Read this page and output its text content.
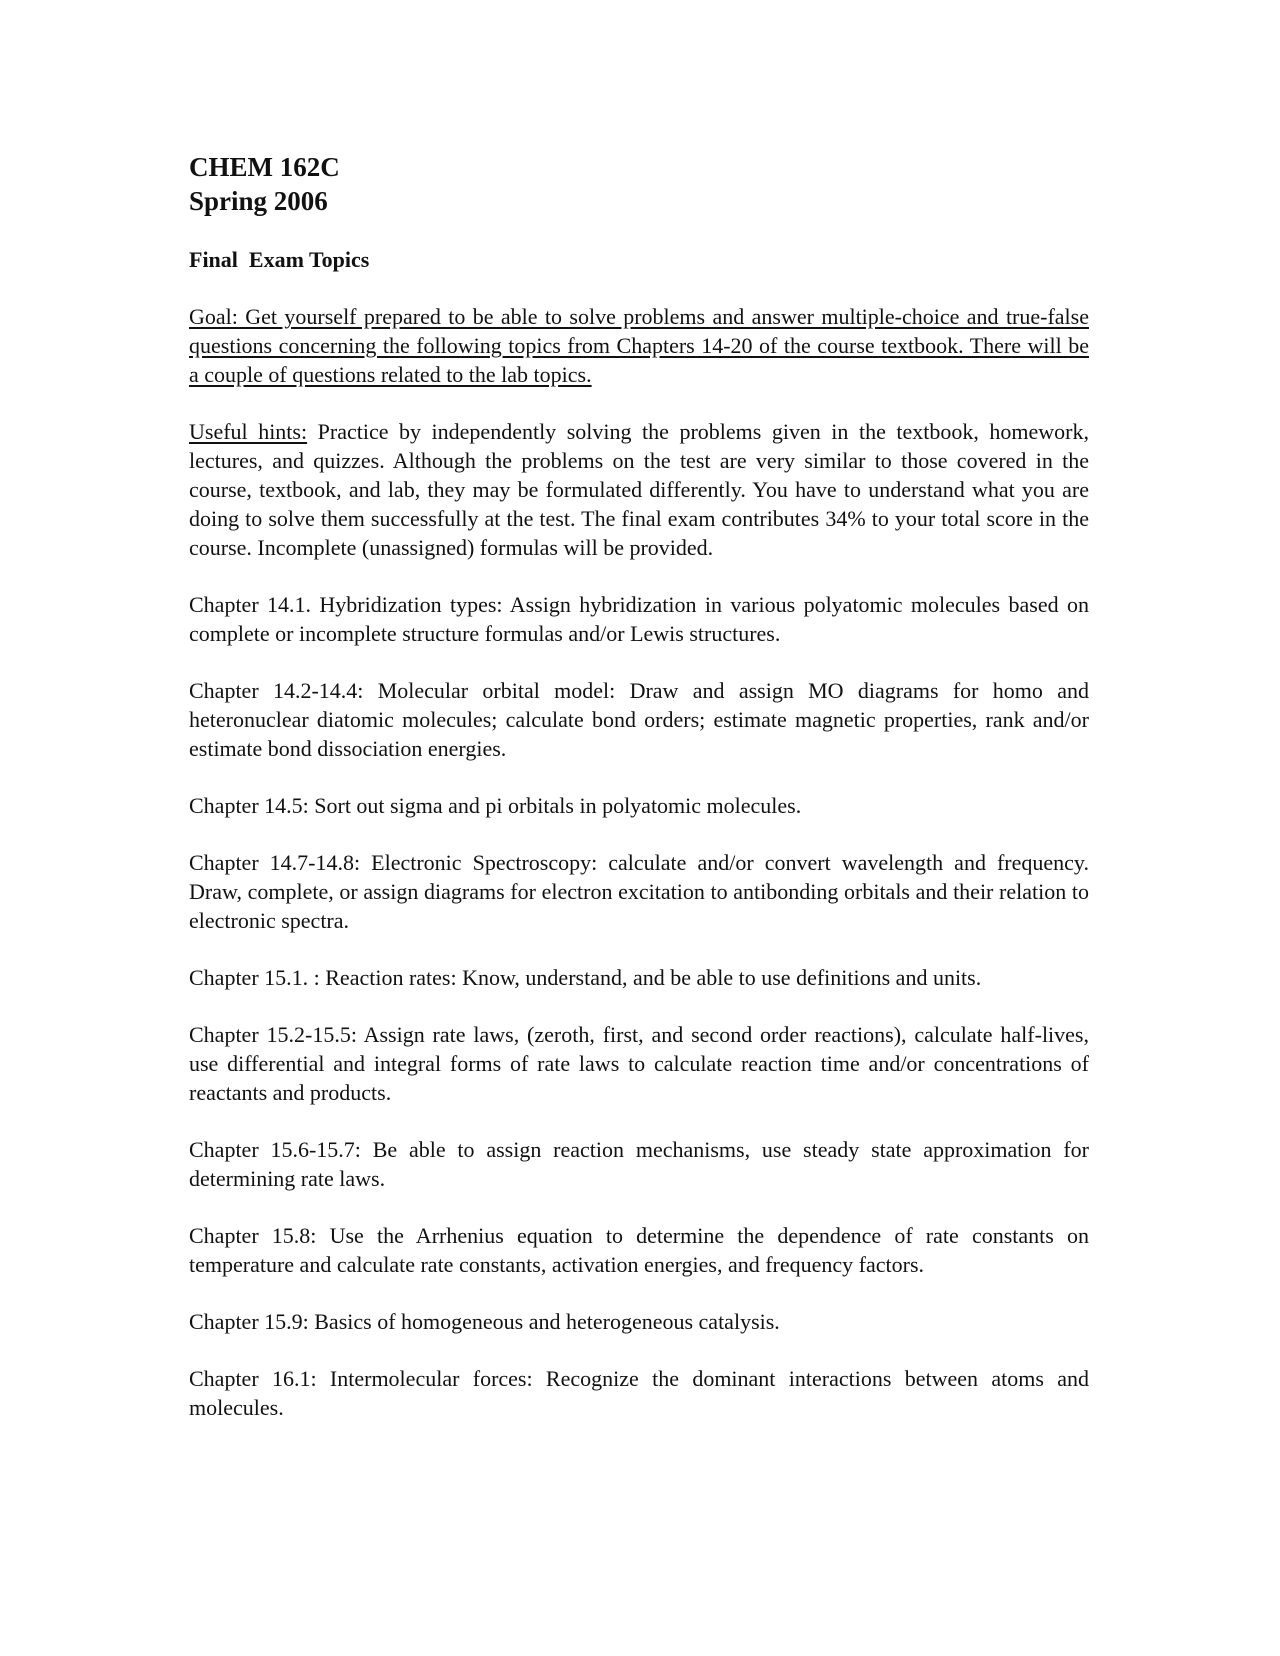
CHEM 162C

Spring 2006

Final  Exam Topics

Goal: Get yourself prepared to be able to solve problems and answer multiple-choice and true-false questions concerning the following topics from Chapters 14-20 of the course textbook. There will be a couple of questions related to the lab topics.

Useful hints: Practice by independently solving the problems given in the textbook, homework, lectures, and quizzes. Although the problems on the test are very similar to those covered in the course, textbook, and lab, they may be formulated differently. You have to understand what you are doing to solve them successfully at the test. The final exam contributes 34% to your total score in the course. Incomplete (unassigned) formulas will be provided.

Chapter 14.1. Hybridization types: Assign hybridization in various polyatomic molecules based on complete or incomplete structure formulas and/or Lewis structures.

Chapter 14.2-14.4: Molecular orbital model: Draw and assign MO diagrams for homo and heteronuclear diatomic molecules; calculate bond orders; estimate magnetic properties, rank and/or estimate bond dissociation energies.

Chapter 14.5: Sort out sigma and pi orbitals in polyatomic molecules.

Chapter 14.7-14.8: Electronic Spectroscopy: calculate and/or convert wavelength and frequency. Draw, complete, or assign diagrams for electron excitation to antibonding orbitals and their relation to electronic spectra.

Chapter 15.1. : Reaction rates: Know, understand, and be able to use definitions and units.

Chapter 15.2-15.5: Assign rate laws, (zeroth, first, and second order reactions), calculate half-lives, use differential and integral forms of rate laws to calculate reaction time and/or concentrations of reactants and products.

Chapter 15.6-15.7: Be able to assign reaction mechanisms, use steady state approximation for determining rate laws.

Chapter 15.8: Use the Arrhenius equation to determine the dependence of rate constants on temperature and calculate rate constants, activation energies, and frequency factors.

Chapter 15.9: Basics of homogeneous and heterogeneous catalysis.

Chapter 16.1: Intermolecular forces: Recognize the dominant interactions between atoms and molecules.
